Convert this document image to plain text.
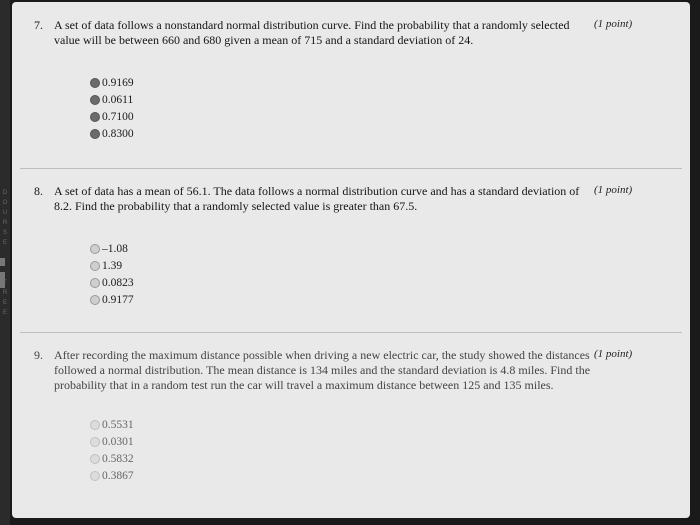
D
O
U
R
S
E
T
R
E
E
7. A set of data follows a nonstandard normal distribution curve. Find the probability that a randomly selected value will be between 660 and 680 given a mean of 715 and a standard deviation of 24.
(1 point)
0.9169
0.0611
0.7100
0.8300
8. A set of data has a mean of 56.1. The data follows a normal distribution curve and has a standard deviation of 8.2. Find the probability that a randomly selected value is greater than 67.5.
(1 point)
–1.08
1.39
0.0823
0.9177
9. After recording the maximum distance possible when driving a new electric car, the study showed the distances followed a normal distribution. The mean distance is 134 miles and the standard deviation is 4.8 miles. Find the probability that in a random test run the car will travel a maximum distance between 125 and 135 miles.
(1 point)
0.5531
0.0301
0.5832
0.3867
